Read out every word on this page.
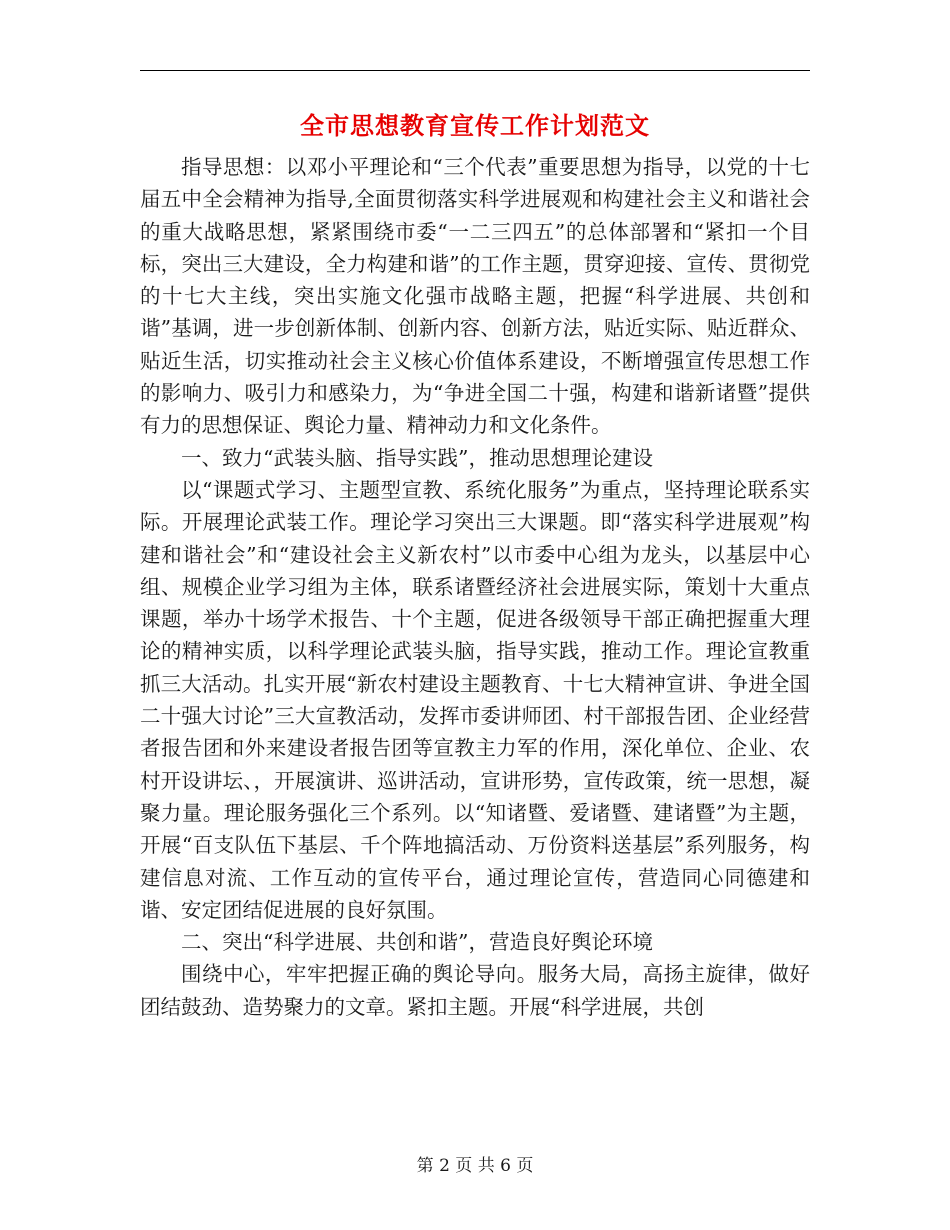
全市思想教育宣传工作计划范文

指导思想：以邓小平理论和“三个代表”重要思想为指导，以党的十七届五中全会精神为指导,全面贯彻落实科学进展观和构建社会主义和谐社会的重大战略思想，紧紧围绕市委“一二三四五”的总体部署和“紧扣一个目标，突出三大建设，全力构建和谐”的工作主题，贯穿迎接、宣传、贯彻党的十七大主线，突出实施文化强市战略主题，把握“科学进展、共创和谐”基调，进一步创新体制、创新内容、创新方法，贴近实际、贴近群众、贴近生活，切实推动社会主义核心价值体系建设，不断增强宣传思想工作的影响力、吸引力和感染力，为“争进全国二十强，构建和谐新诸暨”提供有力的思想保证、舆论力量、精神动力和文化条件。

一、致力“武装头脑、指导实践”，推动思想理论建设

以“课题式学习、主题型宣教、系统化服务”为重点，坚持理论联系实际。开展理论武装工作。理论学习突出三大课题。即“落实科学进展观”构建和谐社会”和“建设社会主义新农村”以市委中心组为龙头，以基层中心组、规模企业学习组为主体，联系诸暨经济社会进展实际，策划十大重点课题，举办十场学术报告、十个主题，促进各级领导干部正确把握重大理论的精神实质，以科学理论武装头脑，指导实践，推动工作。理论宣教重抓三大活动。扎实开展“新农村建设主题教育、十七大精神宣讲、争进全国二十强大讨论”三大宣教活动，发挥市委讲师团、村干部报告团、企业经营者报告团和外来建设者报告团等宣教主力军的作用，深化单位、企业、农村开设讲坛、，开展演讲、巡讲活动，宣讲形势，宣传政策，统一思想，凝聚力量。理论服务强化三个系列。以“知诸暨、爱诸暨、建诸暨”为主题，开展“百支队伍下基层、千个阵地搞活动、万份资料送基层”系列服务，构建信息对流、工作互动的宣传平台，通过理论宣传，营造同心同德建和谐、安定团结促进展的良好氛围。

二、突出“科学进展、共创和谐”，营造良好舆论环境

围绕中心，牢牢把握正确的舆论导向。服务大局，高扬主旋律，做好团结鼓劲、造势聚力的文章。紧扣主题。开展“科学进展，共创

第 2 页 共 6 页
